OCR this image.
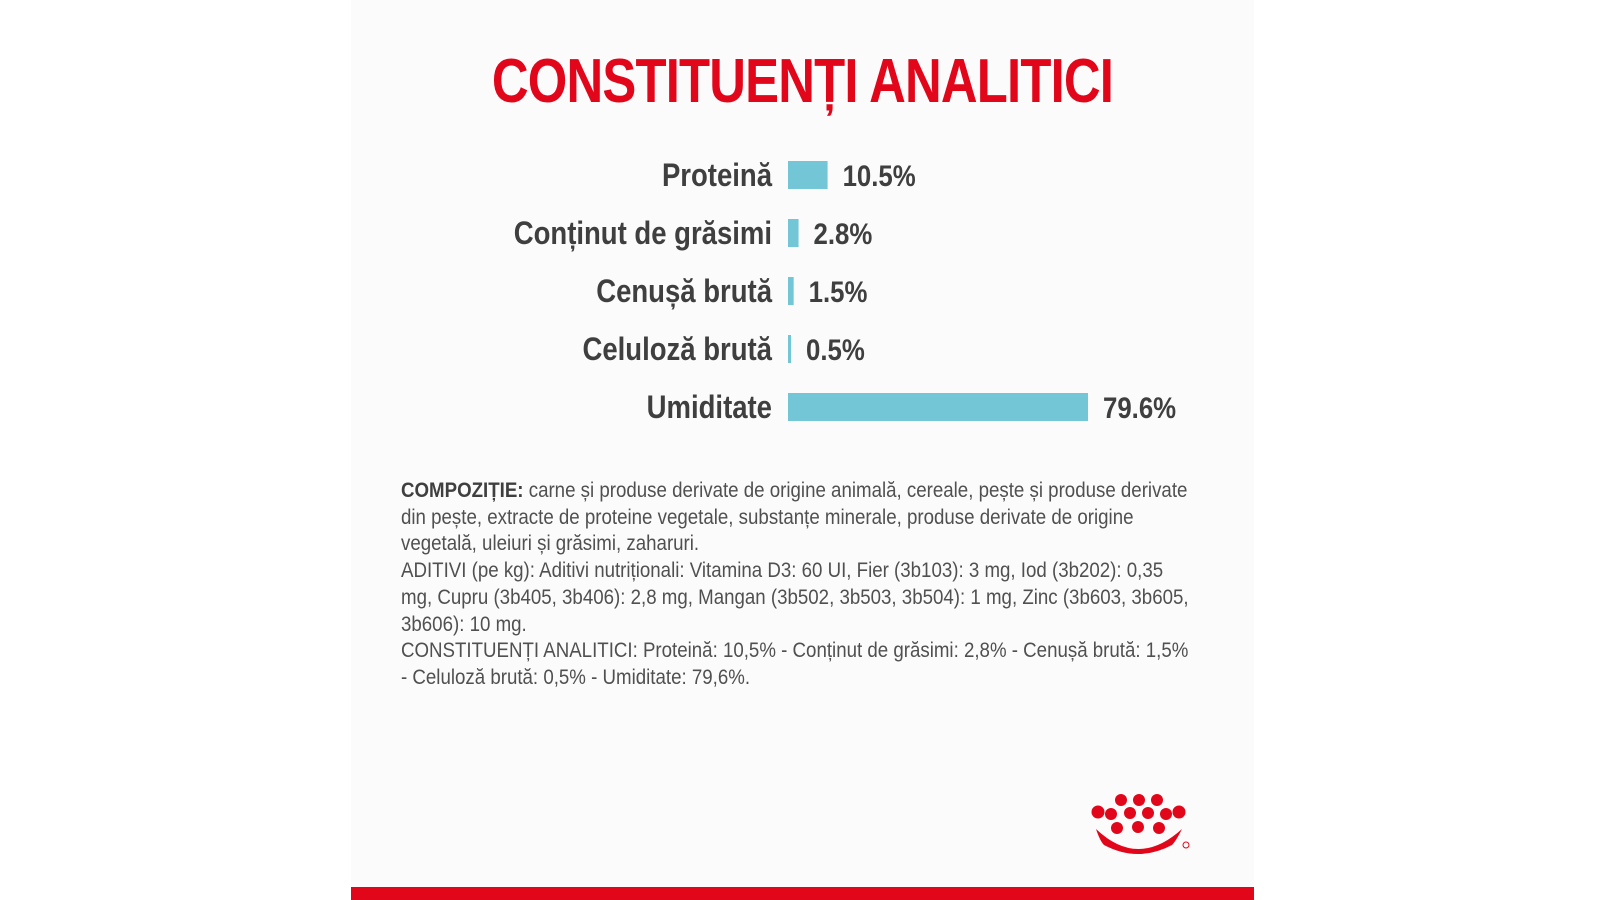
CONSTITUENȚI ANALITICI
Proteină 10.5%
Conținut de grăsimi 2.8%
Cenușă brută 1.5%
Celuloză brută 0.5%
Umiditate	79.6%

COMPOZIȚIE: carne și produse derivate de origine animală, cereale, pește și produse derivate din pește, extracte de proteine vegetale, substanțe minerale, produse derivate de origine vegetală, uleiuri și grăsimi, zaharuri.

ADITIVI (pe kg): Aditivi nutriționali: Vitamina D3: 60 UI, Fier (3b103): 3 mg, Iod (3b202): 0,35 mg, Cupru (3b405, 3b406): 2,8 mg, Mangan (3b502, 3b503, 3b504): 1 mg, Zinc (3b603, 3b605, 3b606): 10 mg.

CONSTITUENȚI ANALITICI: Proteină: 10,5% - Conținut de grăsimi: 2,8% - Cenușă brută: 1,5% - Celuloză brută: 0,5% - Umiditate: 79,6%.
